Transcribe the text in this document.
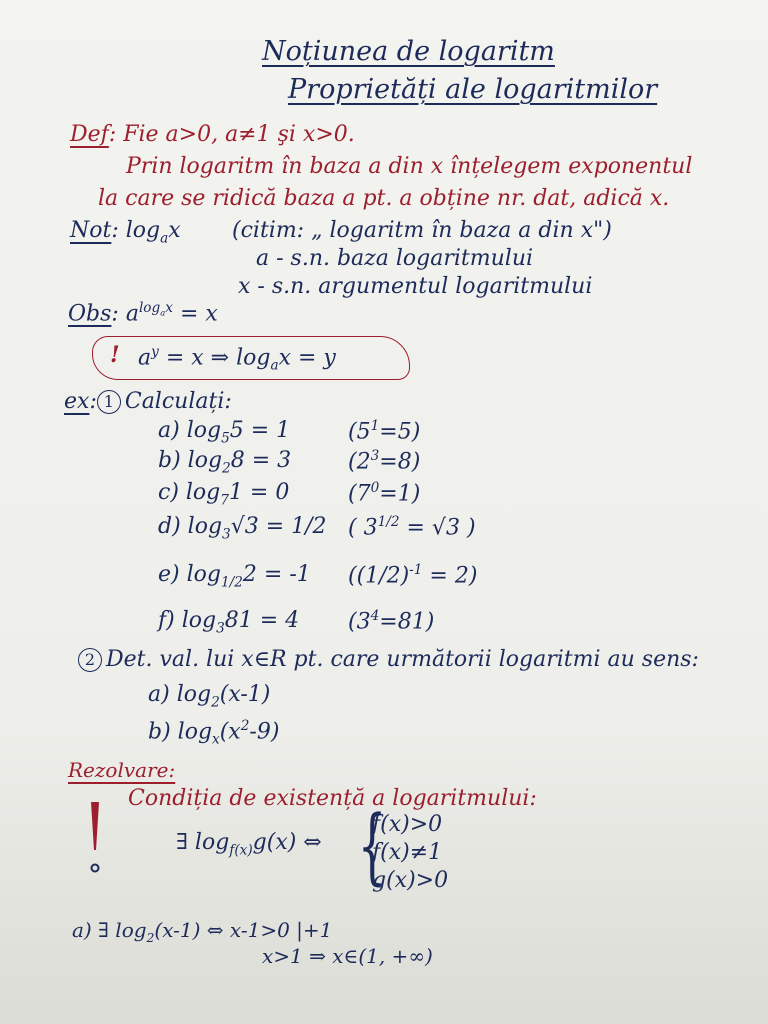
Noțiunea de logaritm
Proprietăți ale logaritmilor
Def: Fie a>0, a≠1 şi x>0.
Prin logaritm în baza a din x înțelegem exponentul
la care se ridică baza a pt. a obține nr. dat, adică x.
Not: $\log_ax$ (citim: „ logaritm în baza a din x")
a - s.n. baza logaritmului
x - s.n. argumentul logaritmului
Obs: $a^{log_ax} = x$
! $a^y = x$ ⇒ $\log_ax = y$
ex: 1 Calculați:
a) $\log_55 = 1$	$(5^1=5)$
b) $\log_28 = 3$	$(2^3=8)$
c) $\log_71 = 0$	$(7^0=1)$
d) $\log_3√3 = 1/2$ ( $3^{1/2} = √3$ )
e) $\log_{1/2}2 = -1$ $((1/2)^{-1} = 2)$
f) $\log_381 = 4$ $(3^4=81)$
2 Det. val. lui x∈R pt. care următorii logaritmi au sens:
a) $\log_2(x-1)$
b) $\log_x(x^2-9)$
Rezolvare:
Condiția de existență a logaritmului:
∃ $\log_{f(x)}g(x)$ ⇔ {
f(x)>0
f(x)≠1
g(x)>0
a) ∃ $\log_2(x-1)$ ⇔ x-1>0 |+1
x>1 ⇒ x∈(1, +∞)
